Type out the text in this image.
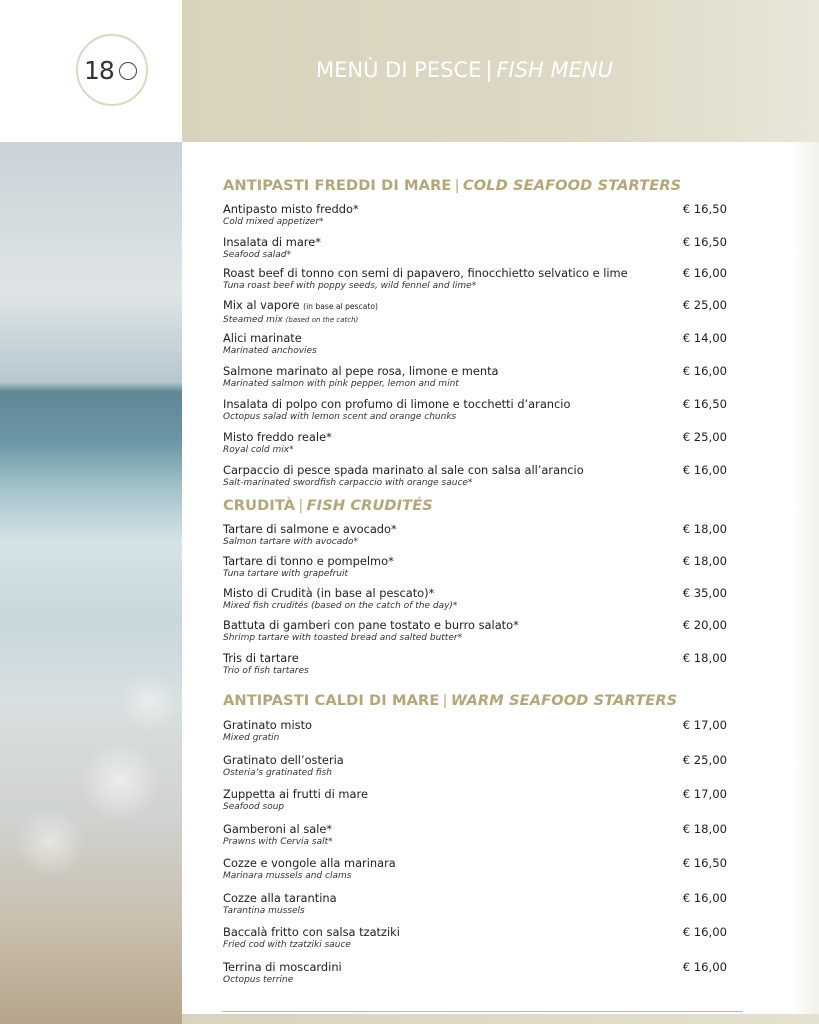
18	MENÙ DI PESCE | FISH MENU
ANTIPASTI FREDDI DI MARE | COLD SEAFOOD STARTERS
Antipasto misto freddo*
Cold mixed appetizer*
€ 16,50
Insalata di mare*
Seafood salad*
€ 16,50
Roast beef di tonno con semi di papavero, finocchietto selvatico e lime
Tuna roast beef with poppy seeds, wild fennel and lime*
€ 16,00
Mix al vapore (in base al pescato)
Steamed mix (based on the catch)
€ 25,00
Alici marinate
Marinated anchovies
€ 14,00
Salmone marinato al pepe rosa, limone e menta
Marinated salmon with pink pepper, lemon and mint
€ 16,00
Insalata di polpo con profumo di limone e tocchetti d’arancio
Octopus salad with lemon scent and orange chunks
€ 16,50
Misto freddo reale*
Royal cold mix*
€ 25,00
Carpaccio di pesce spada marinato al sale con salsa all’arancio
Salt-marinated swordfish carpaccio with orange sauce*
€ 16,00
CRUDITÀ | FISH CRUDITÉS
Tartare di salmone e avocado*
Salmon tartare with avocado*
€ 18,00
Tartare di tonno e pompelmo*
Tuna tartare with grapefruit
€ 18,00
Misto di Crudità (in base al pescato)*
Mixed fish crudités (based on the catch of the day)*
€ 35,00
Battuta di gamberi con pane tostato e burro salato*
Shrimp tartare with toasted bread and salted butter*
€ 20,00
Tris di tartare
Trio of fish tartares
€ 18,00
ANTIPASTI CALDI DI MARE | WARM SEAFOOD STARTERS
Gratinato misto
Mixed gratin
€ 17,00
Gratinato dell’osteria
Osteria’s gratinated fish
€ 25,00
Zuppetta ai frutti di mare
Seafood soup
€ 17,00
Gamberoni al sale*
Prawns with Cervia salt*
€ 18,00
Cozze e vongole alla marinara
Marinara mussels and clams
€ 16,50
Cozze alla tarantina
Tarantina mussels
€ 16,00
Baccalà fritto con salsa tzatziki
Fried cod with tzatziki sauce
€ 16,00
Terrina di moscardini
Octopus terrine
€ 16,00
